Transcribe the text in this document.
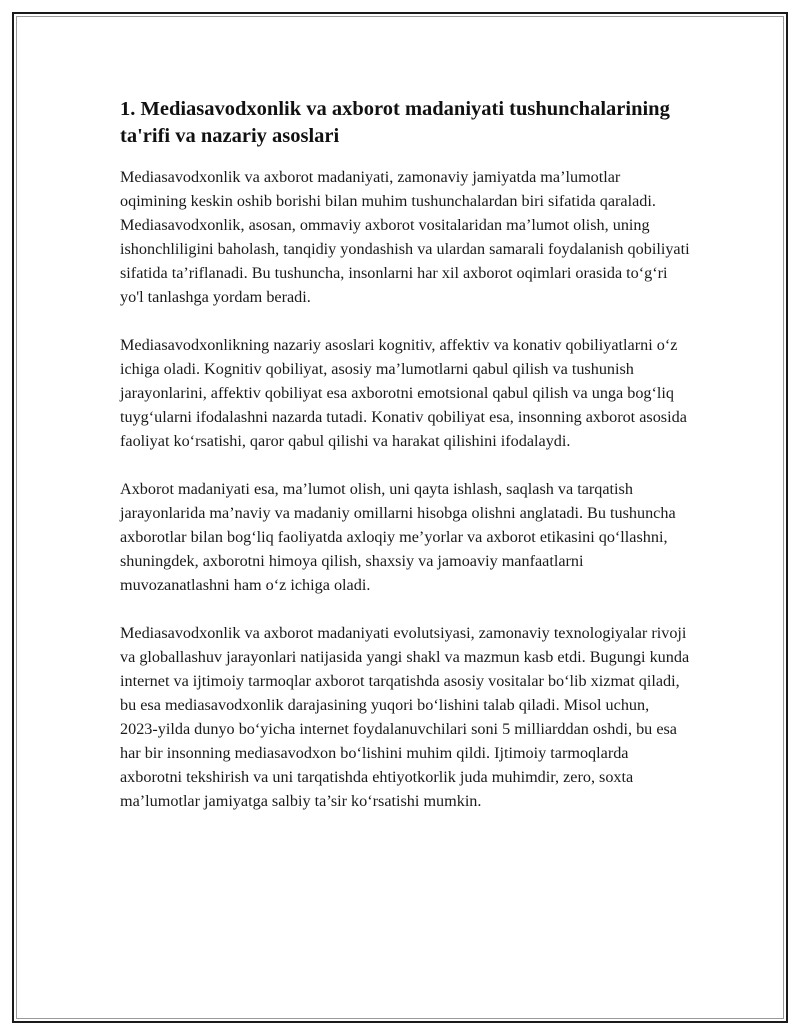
1. Mediasavodxonlik va axborot madaniyati tushunchalarining ta'rifi va nazariy asoslari

Mediasavodxonlik va axborot madaniyati, zamonaviy jamiyatda ma’lumotlar oqimining keskin oshib borishi bilan muhim tushunchalardan biri sifatida qaraladi. Mediasavodxonlik, asosan, ommaviy axborot vositalaridan ma’lumot olish, uning ishonchliligini baholash, tanqidiy yondashish va ulardan samarali foydalanish qobiliyati sifatida ta’riflanadi. Bu tushuncha, insonlarni har xil axborot oqimlari orasida to‘g‘ri yo'l tanlashga yordam beradi.

Mediasavodxonlikning nazariy asoslari kognitiv, affektiv va konativ qobiliyatlarni o‘z ichiga oladi. Kognitiv qobiliyat, asosiy ma’lumotlarni qabul qilish va tushunish jarayonlarini, affektiv qobiliyat esa axborotni emotsional qabul qilish va unga bog‘liq tuyg‘ularni ifodalashni nazarda tutadi. Konativ qobiliyat esa, insonning axborot asosida faoliyat ko‘rsatishi, qaror qabul qilishi va harakat qilishini ifodalaydi.

Axborot madaniyati esa, ma’lumot olish, uni qayta ishlash, saqlash va tarqatish jarayonlarida ma’naviy va madaniy omillarni hisobga olishni anglatadi. Bu tushuncha axborotlar bilan bog‘liq faoliyatda axloqiy me’yorlar va axborot etikasini qo‘llashni, shuningdek, axborotni himoya qilish, shaxsiy va jamoaviy manfaatlarni muvozanatlashni ham o‘z ichiga oladi.

Mediasavodxonlik va axborot madaniyati evolutsiyasi, zamonaviy texnologiyalar rivoji va globallashuv jarayonlari natijasida yangi shakl va mazmun kasb etdi. Bugungi kunda internet va ijtimoiy tarmoqlar axborot tarqatishda asosiy vositalar bo‘lib xizmat qiladi, bu esa mediasavodxonlik darajasining yuqori bo‘lishini talab qiladi. Misol uchun, 2023-yilda dunyo bo‘yicha internet foydalanuvchilari soni 5 milliarddan oshdi, bu esa har bir insonning mediasavodxon bo‘lishini muhim qildi. Ijtimoiy tarmoqlarda axborotni tekshirish va uni tarqatishda ehtiyotkorlik juda muhimdir, zero, soxta ma’lumotlar jamiyatga salbiy ta’sir ko‘rsatishi mumkin.
